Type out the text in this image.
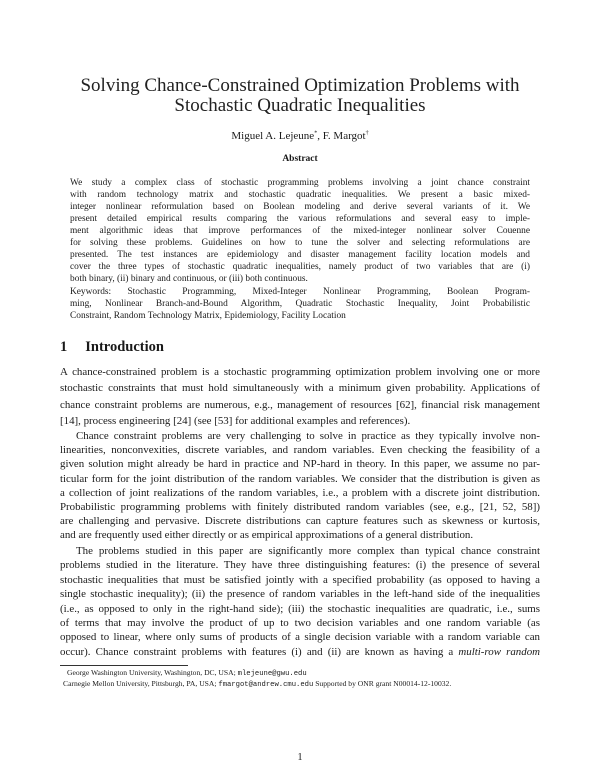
Solving Chance-Constrained Optimization Problems with
Stochastic Quadratic Inequalities
Miguel A. Lejeune*, F. Margot†
Abstract
We study a complex class of stochastic programming problems involving a joint chance constraint
with random technology matrix and stochastic quadratic inequalities. We present a basic mixed-
integer nonlinear reformulation based on Boolean modeling and derive several variants of it. We
present detailed empirical results comparing the various reformulations and several easy to imple-
ment algorithmic ideas that improve performances of the mixed-integer nonlinear solver Couenne
for solving these problems. Guidelines on how to tune the solver and selecting reformulations are
presented. The test instances are epidemiology and disaster management facility location models and
cover the three types of stochastic quadratic inequalities, namely product of two variables that are (i)
both binary, (ii) binary and continuous, or (iii) both continuous.
Keywords: Stochastic Programming, Mixed-Integer Nonlinear Programming, Boolean Program-
ming, Nonlinear Branch-and-Bound Algorithm, Quadratic Stochastic Inequality, Joint Probabilistic
Constraint, Random Technology Matrix, Epidemiology, Facility Location
1 Introduction
A chance-constrained problem is a stochastic programming optimization problem involving one or more
stochastic constraints that must hold simultaneously with a minimum given probability. Applications of
chance constraint problems are numerous, e.g., management of resources [62], financial risk management
[14], process engineering [24] (see [53] for additional examples and references).
Chance constraint problems are very challenging to solve in practice as they typically involve non-
linearities, nonconvexities, discrete variables, and random variables. Even checking the feasibility of a
given solution might already be hard in practice and NP-hard in theory. In this paper, we assume no par-
ticular form for the joint distribution of the random variables. We consider that the distribution is given as
a collection of joint realizations of the random variables, i.e., a problem with a discrete joint distribution.
Probabilistic programming problems with finitely distributed random variables (see, e.g., [21, 52, 58])
are challenging and pervasive. Discrete distributions can capture features such as skewness or kurtosis,
and are frequently used either directly or as empirical approximations of a general distribution.
The problems studied in this paper are significantly more complex than typical chance constraint
problems studied in the literature. They have three distinguishing features: (i) the presence of several
stochastic inequalities that must be satisfied jointly with a specified probability (as opposed to having a
single stochastic inequality); (ii) the presence of random variables in the left-hand side of the inequalities
(i.e., as opposed to only in the right-hand side); (iii) the stochastic inequalities are quadratic, i.e., sums
of terms that may involve the product of up to two decision variables and one random variable (as
opposed to linear, where only sums of products of a single decision variable with a random variable can
occur). Chance constraint problems with features (i) and (ii) are known as having a multi-row random
George Washington University, Washington, DC, USA; mlejeune@gwu.edu
Carnegie Mellon University, Pittsburgh, PA, USA; fmargot@andrew.cmu.edu Supported by ONR grant N00014-12-10032.
1
